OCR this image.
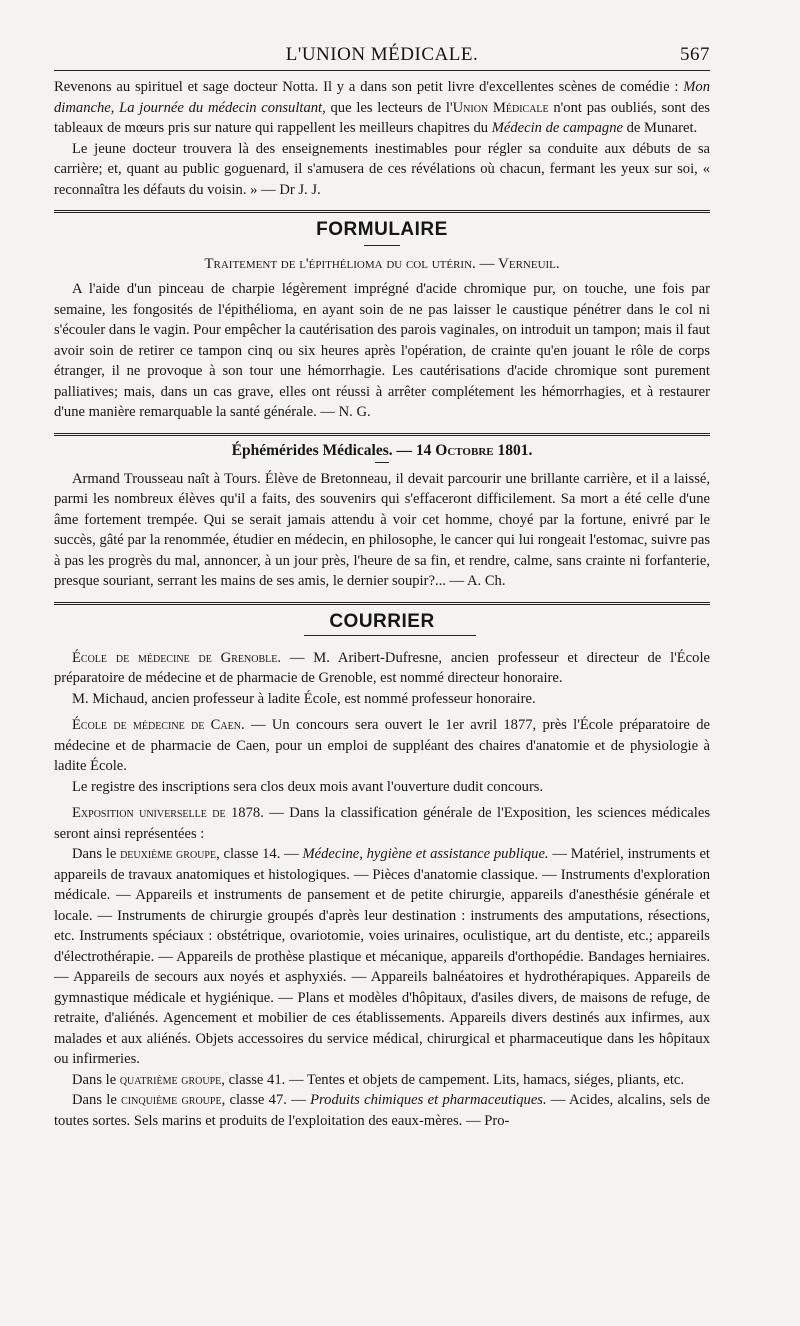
L'UNION MÉDICALE.	567

Revenons au spirituel et sage docteur Notta. Il y a dans son petit livre d'excellentes scènes de comédie : Mon dimanche, La journée du médecin consultant, que les lecteurs de l'Union Médicale n'ont pas oubliés, sont des tableaux de mœurs pris sur nature qui rappellent les meilleurs chapitres du Médecin de campagne de Munaret.

Le jeune docteur trouvera là des enseignements inestimables pour régler sa conduite aux débuts de sa carrière; et, quant au public goguenard, il s'amusera de ces révélations où chacun, fermant les yeux sur soi, « reconnaîtra les défauts du voisin. » — Dr J. J.

FORMULAIRE
Traitement de l'épithélioma du col utérin. — Verneuil.

A l'aide d'un pinceau de charpie légèrement imprégné d'acide chromique pur, on touche, une fois par semaine, les fongosités de l'épithélioma, en ayant soin de ne pas laisser le caustique pénétrer dans le col ni s'écouler dans le vagin. Pour empêcher la cautérisation des parois vaginales, on introduit un tampon; mais il faut avoir soin de retirer ce tampon cinq ou six heures après l'opération, de crainte qu'en jouant le rôle de corps étranger, il ne provoque à son tour une hémorrhagie. Les cautérisations d'acide chromique sont purement palliatives; mais, dans un cas grave, elles ont réussi à arrêter complétement les hémorrhagies, et à restaurer d'une manière remarquable la santé générale. — N. G.

Éphémérides Médicales. — 14 Octobre 1801.

Armand Trousseau naît à Tours. Élève de Bretonneau, il devait parcourir une brillante carrière, et il a laissé, parmi les nombreux élèves qu'il a faits, des souvenirs qui s'effaceront difficilement. Sa mort a été celle d'une âme fortement trempée. Qui se serait jamais attendu à voir cet homme, choyé par la fortune, enivré par le succès, gâté par la renommée, étudier en médecin, en philosophe, le cancer qui lui rongeait l'estomac, suivre pas à pas les progrès du mal, annoncer, à un jour près, l'heure de sa fin, et rendre, calme, sans crainte ni forfanterie, presque souriant, serrant les mains de ses amis, le dernier soupir?... — A. Ch.

COURRIER

École de médecine de Grenoble. — M. Aribert-Dufresne, ancien professeur et directeur de l'École préparatoire de médecine et de pharmacie de Grenoble, est nommé directeur honoraire.

M. Michaud, ancien professeur à ladite École, est nommé professeur honoraire.

École de médecine de Caen. — Un concours sera ouvert le 1er avril 1877, près l'École préparatoire de médecine et de pharmacie de Caen, pour un emploi de suppléant des chaires d'anatomie et de physiologie à ladite École.

Le registre des inscriptions sera clos deux mois avant l'ouverture dudit concours.

Exposition universelle de 1878. — Dans la classification générale de l'Exposition, les sciences médicales seront ainsi représentées :

Dans le deuxième groupe, classe 14. — Médecine, hygiène et assistance publique. — Matériel, instruments et appareils de travaux anatomiques et histologiques. — Pièces d'anatomie classique. — Instruments d'exploration médicale. — Appareils et instruments de pansement et de petite chirurgie, appareils d'anesthésie générale et locale. — Instruments de chirurgie groupés d'après leur destination : instruments des amputations, résections, etc. Instruments spéciaux : obstétrique, ovariotomie, voies urinaires, oculistique, art du dentiste, etc.; appareils d'électrothérapie. — Appareils de prothèse plastique et mécanique, appareils d'orthopédie. Bandages herniaires. — Appareils de secours aux noyés et asphyxiés. — Appareils balnéatoires et hydrothérapiques. Appareils de gymnastique médicale et hygiénique. — Plans et modèles d'hôpitaux, d'asiles divers, de maisons de refuge, de retraite, d'aliénés. Agencement et mobilier de ces établissements. Appareils divers destinés aux infirmes, aux malades et aux aliénés. Objets accessoires du service médical, chirurgical et pharmaceutique dans les hôpitaux ou infirmeries.

Dans le quatrième groupe, classe 41. — Tentes et objets de campement. Lits, hamacs, siéges, pliants, etc.

Dans le cinquième groupe, classe 47. — Produits chimiques et pharmaceutiques. — Acides, alcalins, sels de toutes sortes. Sels marins et produits de l'exploitation des eaux-mères. — Pro-
